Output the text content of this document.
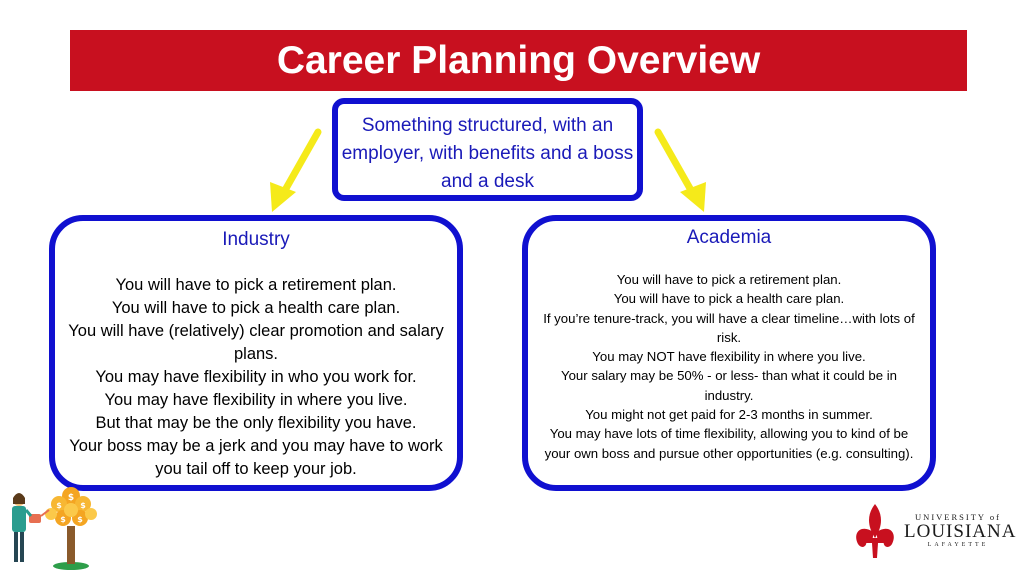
Career Planning Overview
Something structured, with an employer, with benefits and a boss and a desk
Industry
You will have to pick a retirement plan.
You will have to pick a health care plan.
You will have (relatively) clear promotion and salary plans.
You may have flexibility in who you work for.
You may have flexibility in where you live.
But that may be the only flexibility you have.
Your boss may be a jerk and you may have to work you tail off to keep your job.
Academia
You will have to pick a retirement plan.
You will have to pick a health care plan.
If you’re tenure-track, you will have a clear timeline…with lots of risk.
You may NOT have flexibility in where you live.
Your salary may be 50% - or less- than what it could be in industry.
You might not get paid for 2-3 months in summer.
You may have lots of time flexibility, allowing you to kind of be your own boss and pursue other opportunities (e.g. consulting).
$
$ $
$ $	UNIVERSITY of
LOUISIANA
LAFAYETTE
